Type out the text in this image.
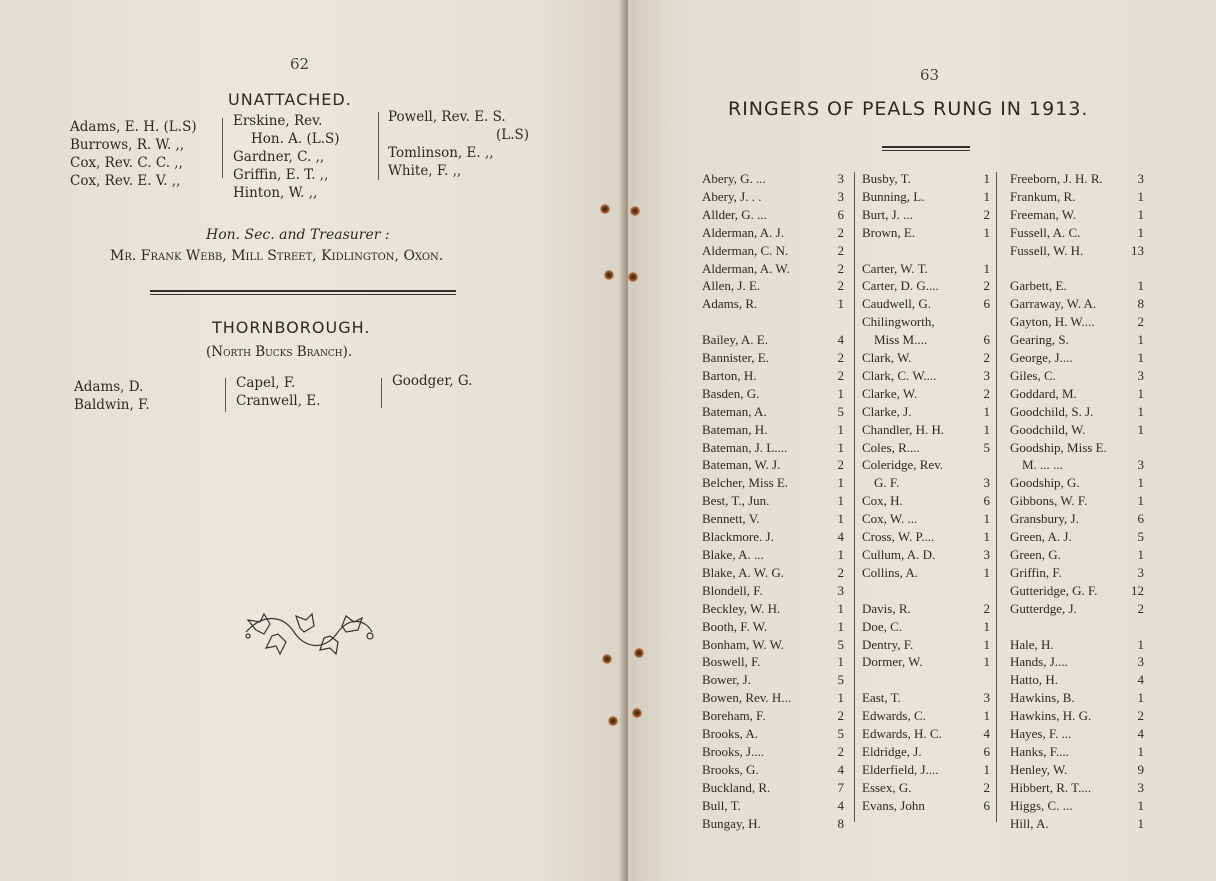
62
UNATTACHED.
Adams, E. H. (L.S)
Burrows, R. W. ,,
Cox, Rev. C. C. ,,
Cox, Rev. E. V. ,,
Erskine, Rev.
Hon. A. (L.S)
Gardner, C. ,,
Griffin, E. T. ,,
Hinton, W. ,,
Powell, Rev. E. S.
(L.S)
Tomlinson, E. ,,
White, F. ,,
Hon. Sec. and Treasurer :
Mr. Frank Webb, Mill Street, Kidlington, Oxon.
THORNBOROUGH.
(North Bucks Branch).
Adams, D.
Baldwin, F.
Capel, F.
Cranwell, E.
Goodger, G.
63
RINGERS OF PEALS RUNG IN 1913.
Abery, G. ...	3
Abery, J. . .	3
Allder, G. ...	6
Alderman, A. J.	2
Alderman, C. N.	2
Alderman, A. W.	2
Allen, J. E.	2
Adams, R.	1
Bailey, A. E.	4
Bannister, E.	2
Barton, H.	2
Basden, G.	1
Bateman, A.	5
Bateman, H.	1
Bateman, J. L....	1
Bateman, W. J.	2
Belcher, Miss E.	1
Best, T., Jun.	1
Bennett, V.	1
Blackmore. J.	4
Blake, A. ...	1
Blake, A. W. G.	2
Blondell, F.	3
Beckley, W. H.	1
Booth, F. W.	1
Bonham, W. W.	5
Boswell, F.	1
Bower, J.	5
Bowen, Rev. H...	1
Boreham, F.	2
Brooks, A.	5
Brooks, J....	2
Brooks, G.	4
Buckland, R.	7
Bull, T.	4
Bungay, H.	8
Busby, T.	1
Bunning, L.	1
Burt, J. ...	2
Brown, E.	1
Carter, W. T.	1
Carter, D. G....	2
Caudwell, G.	6
Chilingworth,
Miss M....	6
Clark, W.	2
Clark, C. W....	3
Clarke, W.	2
Clarke, J.	1
Chandler, H. H.	1
Coles, R....	5
Coleridge, Rev.
G. F.	3
Cox, H.	6
Cox, W. ...	1
Cross, W. P....	1
Cullum, A. D.	3
Collins, A.	1
Davis, R.	2
Doe, C.	1
Dentry, F.	1
Dormer, W.	1
East, T.	3
Edwards, C.	1
Edwards, H. C.	4
Eldridge, J.	6
Elderfield, J....	1
Essex, G.	2
Evans, John	6
Freeborn, J. H. R.	3
Frankum, R.	1
Freeman, W.	1
Fussell, A. C.	1
Fussell, W. H.	13
Garbett, E.	1
Garraway, W. A.	8
Gayton, H. W....	2
Gearing, S.	1
George, J....	1
Giles, C.	3
Goddard, M.	1
Goodchild, S. J.	1
Goodchild, W.	1
Goodship, Miss E.
M. ... ...	3
Goodship, G.	1
Gibbons, W. F.	1
Gransbury, J.	6
Green, A. J.	5
Green, G.	1
Griffin, F.	3
Gutteridge, G. F.	12
Gutterdge, J.	2
Hale, H.	1
Hands, J....	3
Hatto, H.	4
Hawkins, B.	1
Hawkins, H. G.	2
Hayes, F. ...	4
Hanks, F....	1
Henley, W.	9
Hibbert, R. T....	3
Higgs, C. ...	1
Hill, A.	1
